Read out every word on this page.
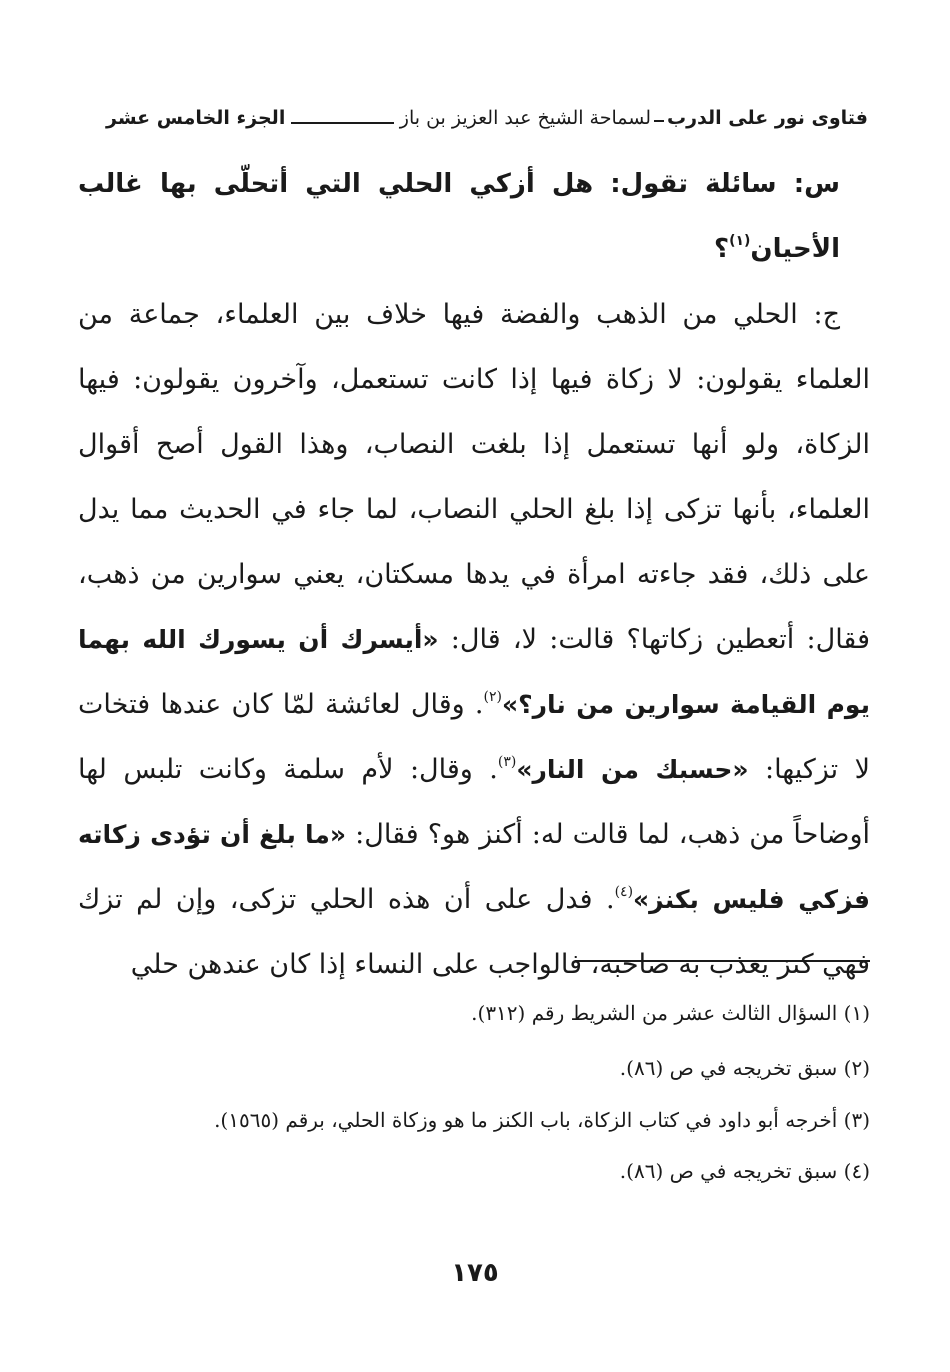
فتاوى نور على الدرب
لسماحة الشيخ عبد العزيز بن باز
الجزء الخامس عشر

س: سائلة تقول: هل أزكي الحلي التي أتحلّى بها غالب الأحيان$^{(١)}$؟

ج: الحلي من الذهب والفضة فيها خلاف بين العلماء، جماعة من العلماء يقولون: لا زكاة فيها إذا كانت تستعمل، وآخرون يقولون: فيها الزكاة، ولو أنها تستعمل إذا بلغت النصاب، وهذا القول أصح أقوال العلماء، بأنها تزكى إذا بلغ الحلي النصاب، لما جاء في الحديث مما يدل على ذلك، فقد جاءته امرأة في يدها مسكتان، يعني سوارين من ذهب، فقال: أتعطين زكاتها؟ قالت: لا، قال: «أيسرك أن يسورك الله بهما يوم القيامة سوارين من نار؟»$^{(٢)}$. وقال لعائشة لمّا كان عندها فتخات لا تزكيها: «حسبك من النار»$^{(٣)}$. وقال: لأم سلمة وكانت تلبس لها أوضاحاً من ذهب، لما قالت له: أكنز هو؟ فقال: «ما بلغ أن تؤدى زكاته فزكي فليس بكنز»$^{(٤)}$. فدل على أن هذه الحلي تزكى، وإن لم تزك فهي كنز يعذب به صاحبه، فالواجب على النساء إذا كان عندهن حلي

(١) السؤال الثالث عشر من الشريط رقم (٣١٢).

(٢) سبق تخريجه في ص (٨٦).

(٣) أخرجه أبو داود في كتاب الزكاة، باب الكنز ما هو وزكاة الحلي، برقم (١٥٦٥).

(٤) سبق تخريجه في ص (٨٦).

١٧٥
